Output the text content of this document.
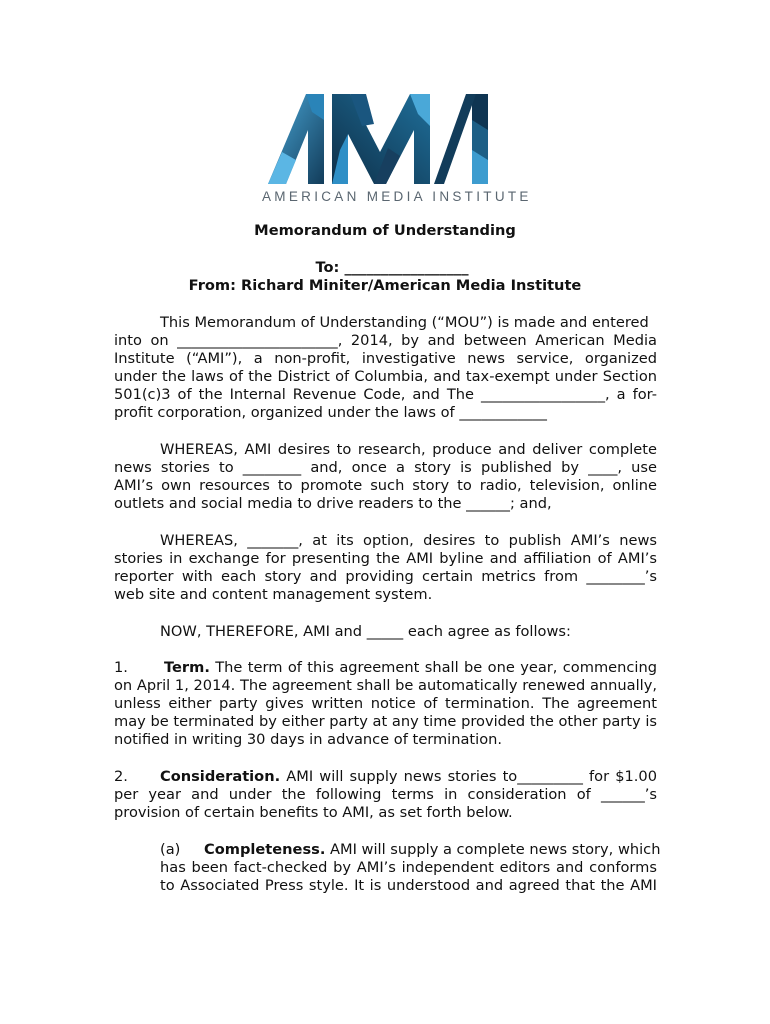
AMERICAN MEDIA INSTITUTE
Memorandum of Understanding
To: _________________
From: Richard Miniter/American Media Institute
This Memorandum of Understanding (“MOU”) is made and entered
into on ______________________, 2014, by and between American Media
Institute (“AMI”), a non-profit, investigative news service, organized
under the laws of the District of Columbia, and tax-exempt under Section
501(c)3 of the Internal Revenue Code, and The _________________, a for-
profit corporation, organized under the laws of ____________
WHEREAS, AMI desires to research, produce and deliver complete
news stories to ________ and, once a story is published by ____, use
AMI’s own resources to promote such story to radio, television, online
outlets and social media to drive readers to the ______; and,
WHEREAS, _______, at its option, desires to publish AMI’s news
stories in exchange for presenting the AMI byline and affiliation of AMI’s
reporter with each story and providing certain metrics from ________’s
web site and content management system.
NOW, THEREFORE, AMI and _____ each agree as follows:
1. Term. The term of this agreement shall be one year, commencing
on April 1, 2014. The agreement shall be automatically renewed annually,
unless either party gives written notice of termination. The agreement
may be terminated by either party at any time provided the other party is
notified in writing 30 days in advance of termination.
2. Consideration. AMI will supply news stories to_________ for $1.00
per year and under the following terms in consideration of ______’s
provision of certain benefits to AMI, as set forth below.
(a) Completeness. AMI will supply a complete news story, which
has been fact-checked by AMI’s independent editors and conforms
to Associated Press style. It is understood and agreed that the AMI
